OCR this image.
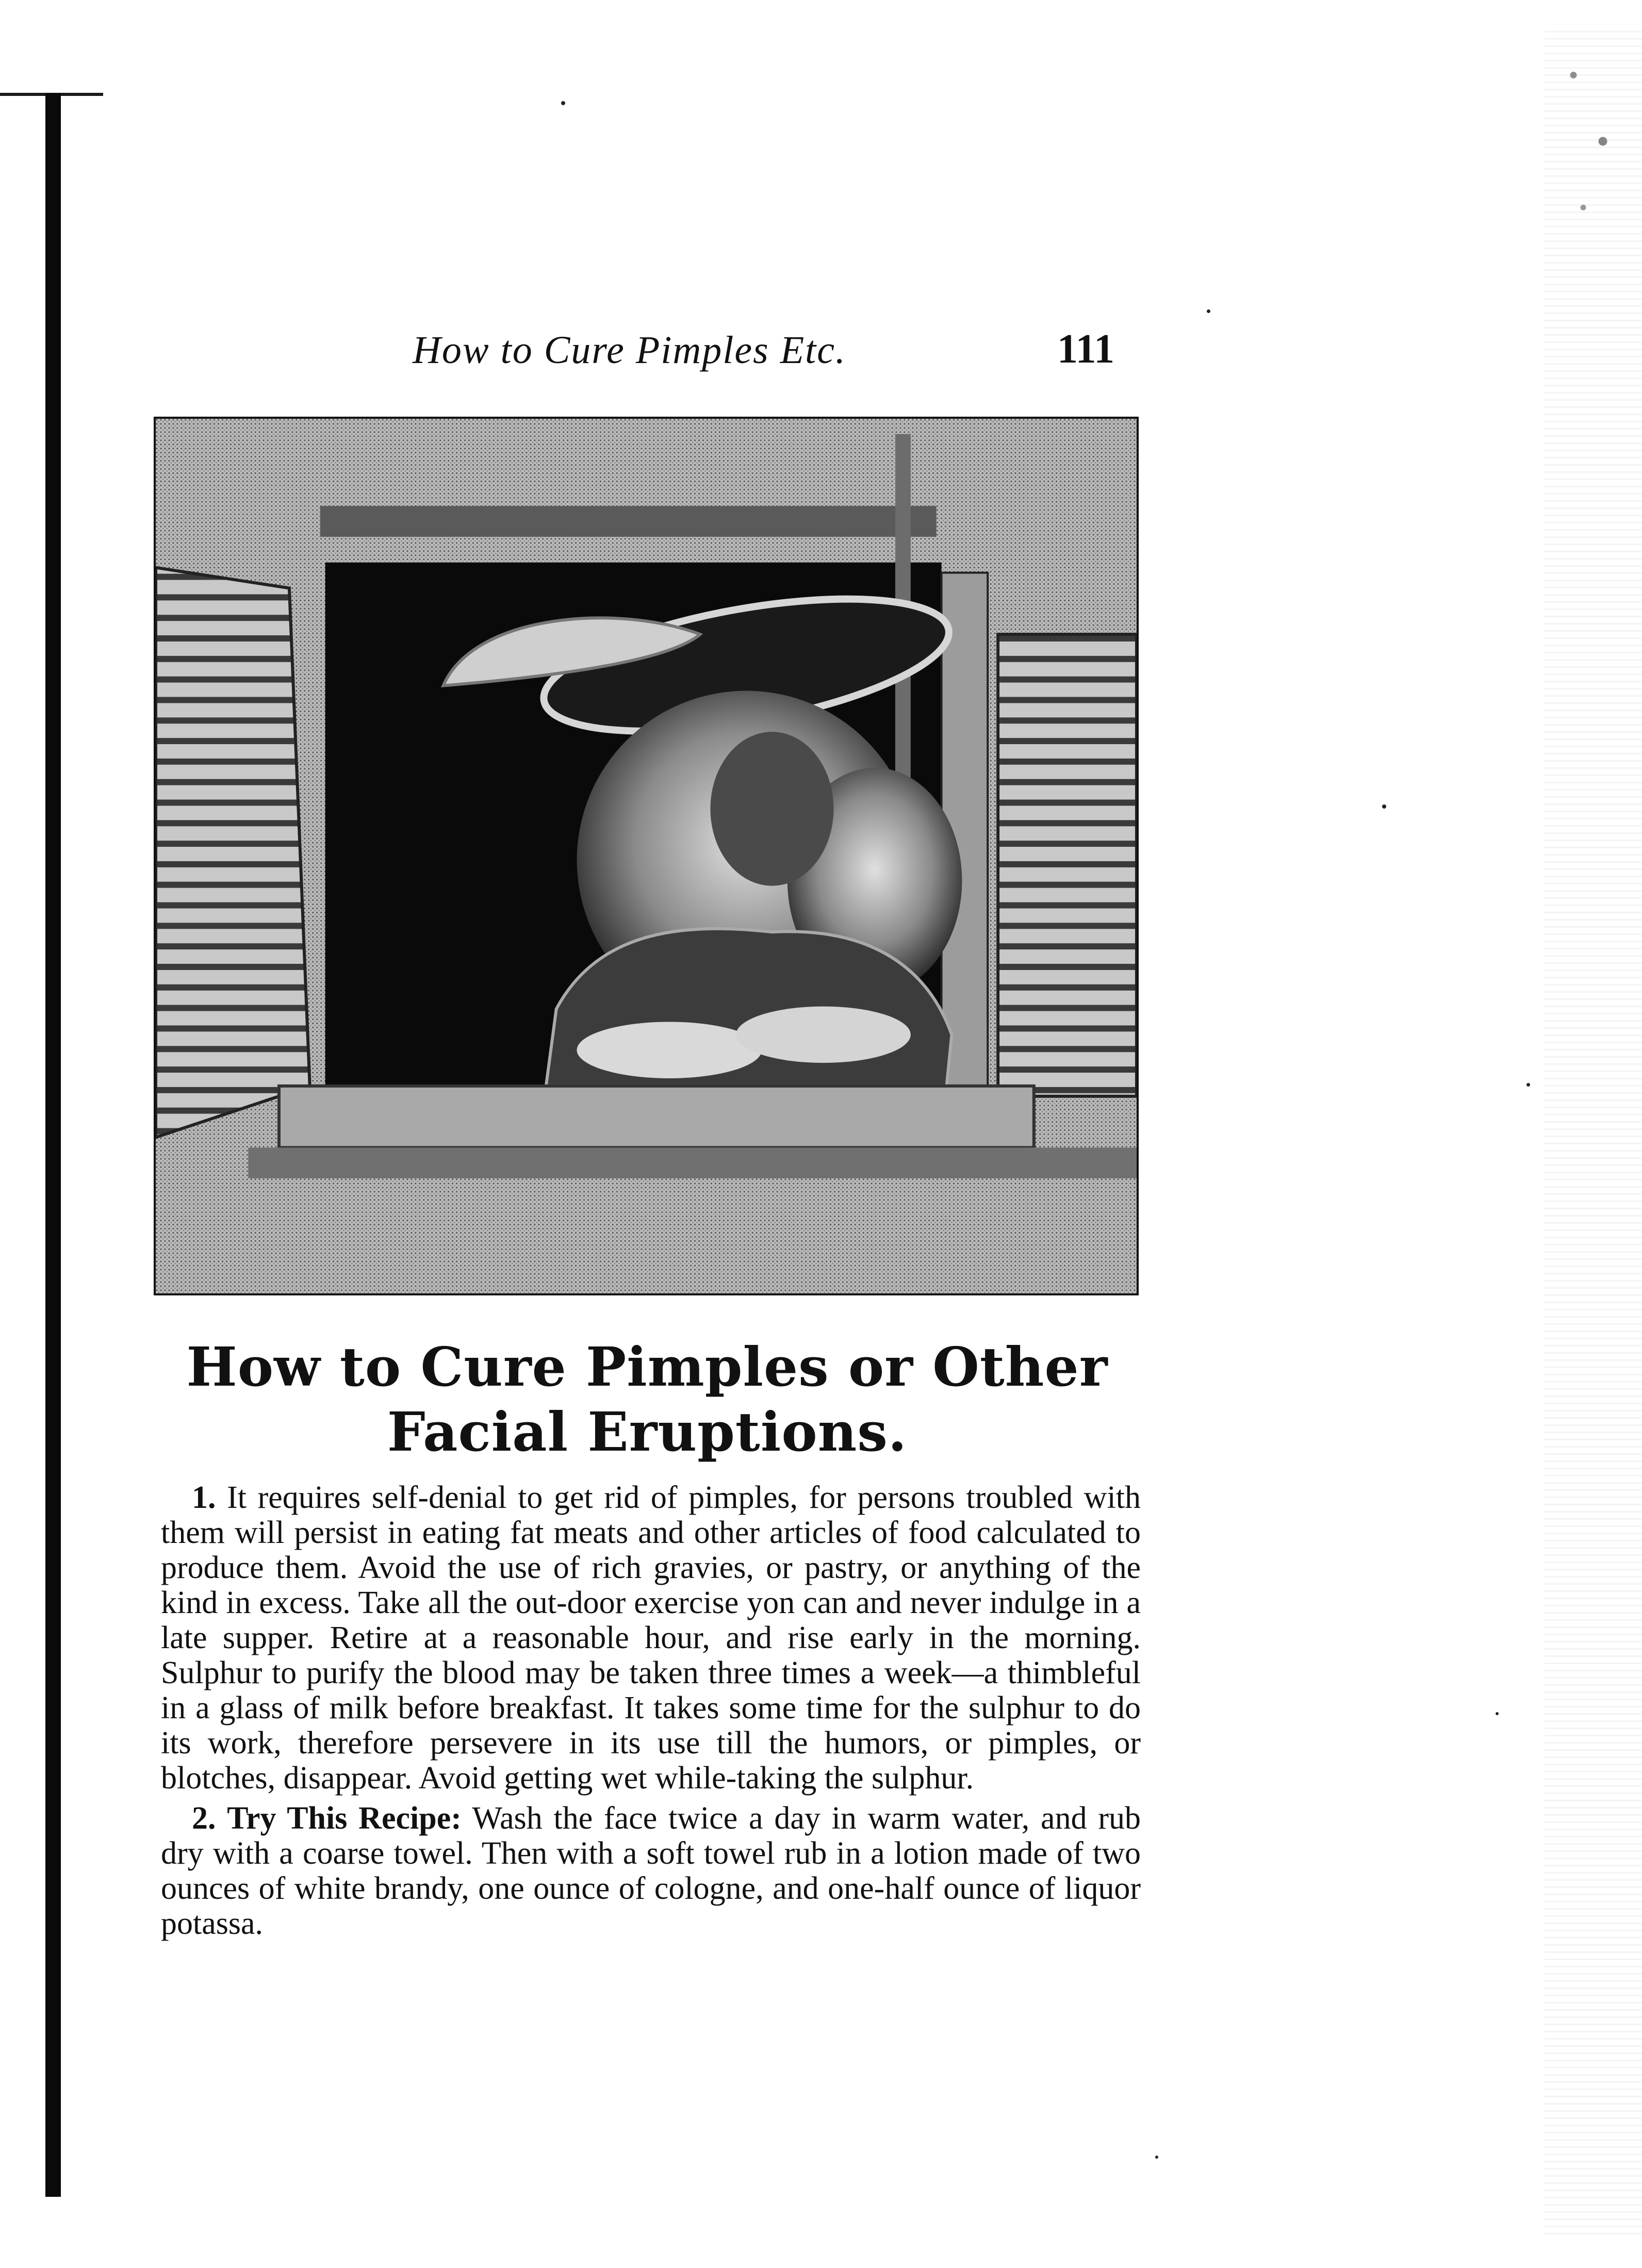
How to Cure Pimples Etc.	111
How to Cure Pimples or Other
Facial Eruptions.

1. It requires self-denial to get rid of pimples, for persons troubled with them will persist in eating fat meats and other articles of food calculated to produce them. Avoid the use of rich gravies, or pastry, or anything of the kind in excess. Take all the out-door exercise yon can and never indulge in a late supper. Retire at a reasonable hour, and rise early in the morning. Sulphur to purify the blood may be taken three times a week—a thimbleful in a glass of milk before breakfast. It takes some time for the sulphur to do its work, therefore persevere in its use till the humors, or pimples, or blotches, disappear. Avoid getting wet while-taking the sulphur.

2. Try This Recipe: Wash the face twice a day in warm water, and rub dry with a coarse towel. Then with a soft towel rub in a lotion made of two ounces of white brandy, one ounce of cologne, and one-half ounce of liquor potassa.
